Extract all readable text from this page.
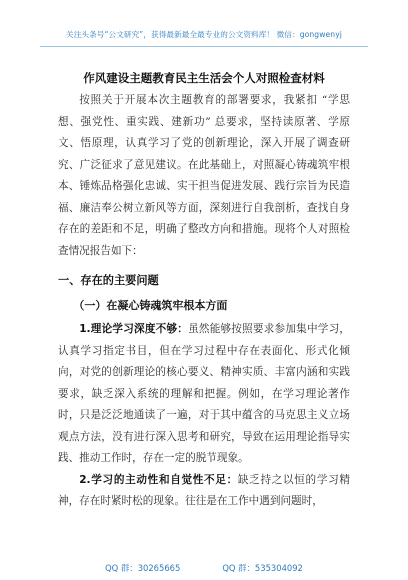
关注头条号“公文研究”，获得最新最全最专业的公文资料库！ 微信：gongwenyj
作风建设主题教育民主生活会个人对照检查材料

按照关于开展本次主题教育的部署要求，我紧扣 “学思想、强党性、重实践、建新功” 总要求，坚持读原著、学原文、悟原理，认真学习了党的创新理论，深入开展了调查研究、广泛征求了意见建议。在此基础上，对照凝心铸魂筑牢根本、锤炼品格强化忠诚、实干担当促进发展、践行宗旨为民造福、廉洁奉公树立新风等方面，深刻进行自我剖析，查找自身存在的差距和不足，明确了整改方向和措施。现将个人对照检查情况报告如下：

一、存在的主要问题
（一）在凝心铸魂筑牢根本方面

1.理论学习深度不够：虽然能够按照要求参加集中学习，认真学习指定书目，但在学习过程中存在表面化、形式化倾向，对党的创新理论的核心要义、精神实质、丰富内涵和实践要求，缺乏深入系统的理解和把握。例如，在学习理论著作时，只是泛泛地通读了一遍，对于其中蕴含的马克思主义立场观点方法，没有进行深入思考和研究，导致在运用理论指导实践、推动工作时，存在一定的脱节现象。

2.学习的主动性和自觉性不足：缺乏持之以恒的学习精神，存在时紧时松的现象。往往是在工作中遇到问题时，

QQ 群：30265665	QQ 群：535304092
